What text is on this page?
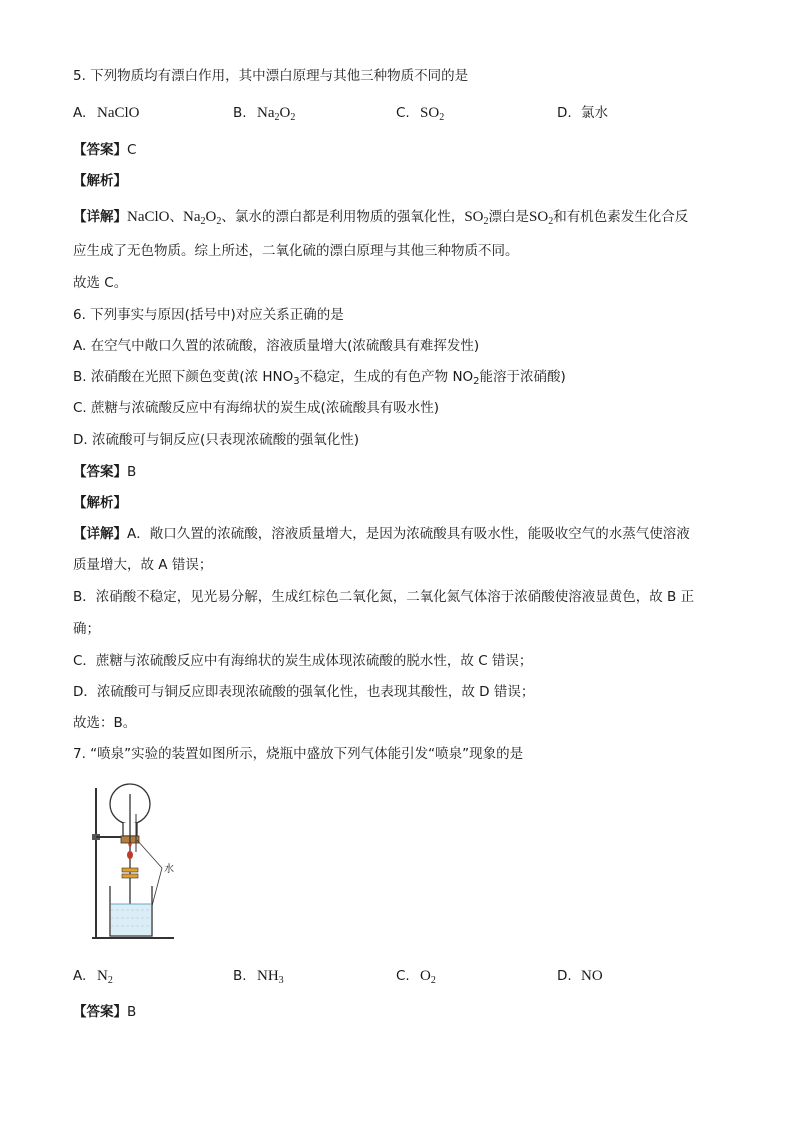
5. 下列物质均有漂白作用，其中漂白原理与其他三种物质不同的是
A. NaClO	B. $Na_2O_2$	C. $SO_2$	D. 氯水
【答案】C
【解析】
【详解】NaClO、$Na_2O_2$、氯水的漂白都是利用物质的强氧化性，$SO_2$漂白是$SO_2$和有机色素发生化合反
应生成了无色物质。综上所述，二氧化硫的漂白原理与其他三种物质不同。
故选 C。
6. 下列事实与原因(括号中)对应关系正确的是
A. 在空气中敞口久置的浓硫酸，溶液质量增大(浓硫酸具有难挥发性)
B. 浓硝酸在光照下颜色变黄(浓 $HNO_3$不稳定，生成的有色产物 $NO_2$能溶于浓硝酸)
C. 蔗糖与浓硫酸反应中有海绵状的炭生成(浓硫酸具有吸水性)
D. 浓硫酸可与铜反应(只表现浓硫酸的强氧化性)
【答案】B
【解析】
【详解】A．敞口久置的浓硫酸，溶液质量增大，是因为浓硫酸具有吸水性，能吸收空气的水蒸气使溶液
质量增大，故 A 错误；
B．浓硝酸不稳定，见光易分解，生成红棕色二氧化氮，二氧化氮气体溶于浓硝酸使溶液显黄色，故 B 正
确；
C．蔗糖与浓硫酸反应中有海绵状的炭生成体现浓硫酸的脱水性，故 C 错误；
D．浓硫酸可与铜反应即表现浓硫酸的强氧化性，也表现其酸性，故 D 错误；
故选：B。
7. “喷泉”实验的装置如图所示，烧瓶中盛放下列气体能引发“喷泉”现象的是
水
A. $N_2$	B. $NH_3$	C. $O_2$	D. NO
【答案】B
